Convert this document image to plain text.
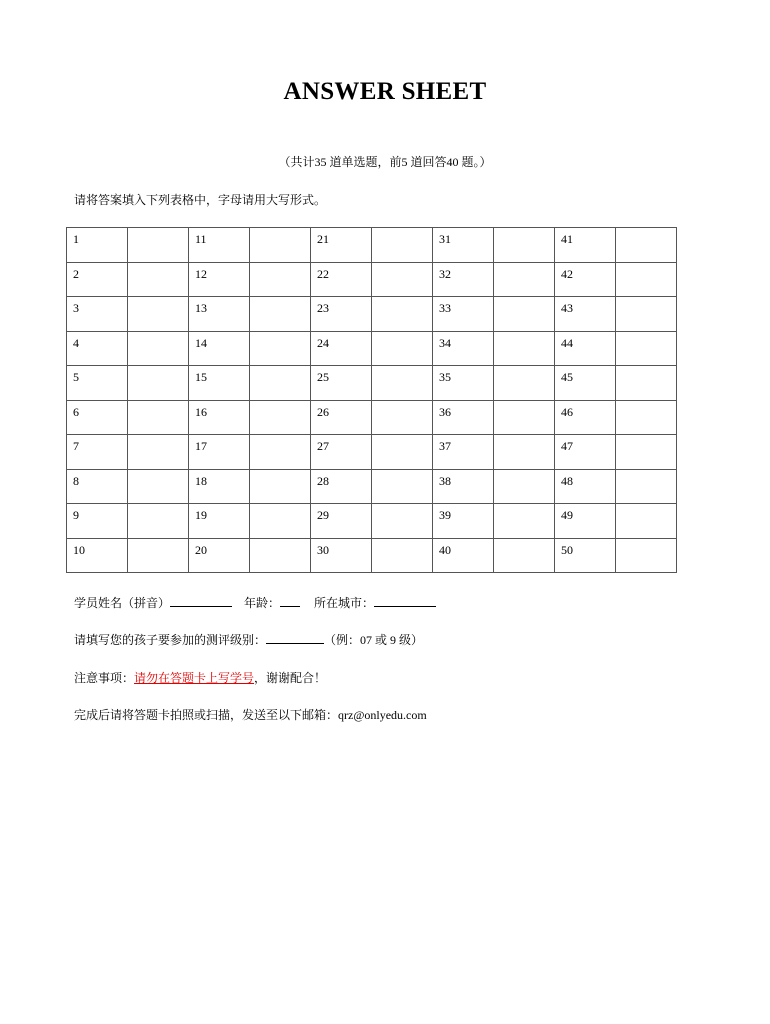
ANSWER SHEET
（共计35 道单选题，前5 道回答40 题。）
请将答案填入下列表格中，字母请用大写形式。
1		11		21		31		41	

2		12		22		32		42	

3		13		23		33		43	

4		14		24		34		44	

5		15		25		35		45	

6		16		26		36		46	

7		17		27		37		47	

8		18		28		38		48	

9		19		29		39		49	

10		20		30		40		50	

学员姓名（拼音）	年龄：	所在城市：
请填写您的孩子要参加的测评级别：	（例：07 或 9 级）
注意事项：请勿在答题卡上写学号，谢谢配合！
完成后请将答题卡拍照或扫描，发送至以下邮箱：qrz@onlyedu.com
